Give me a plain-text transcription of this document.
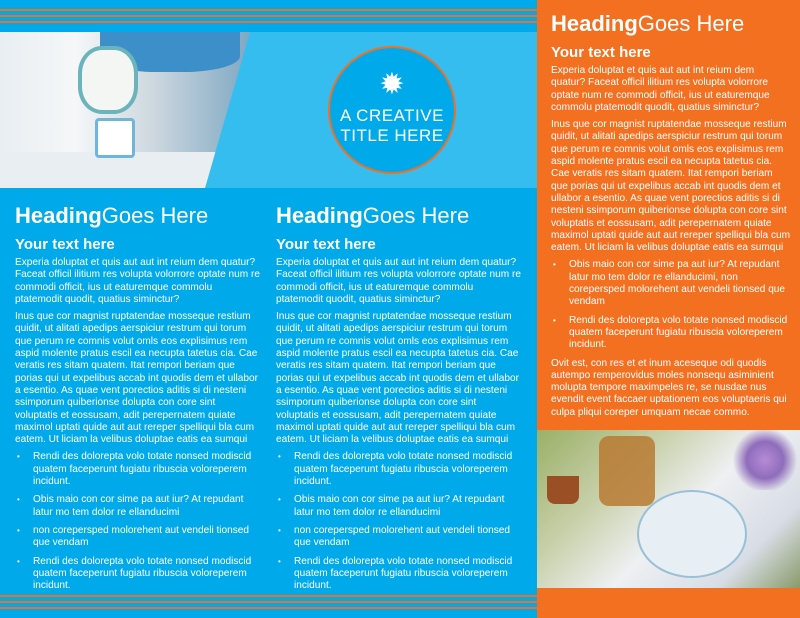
✹
A CREATIVE
TITLE HERE
HeadingGoes Here
Your text here

Experia doluptat et quis aut aut int reium dem quatur? Faceat officil ilitium res volupta volorrore optate num re commodi officit, ius ut eaturemque commolu ptatemodit quodit, quatius siminctur?

Inus que cor magnist ruptatendae mosseque restium quidit, ut alitati apedips aerspiciur restrum qui torum que perum re comnis volut omls eos explisimus rem aspid molente pratus escil ea necupta tatetus cia. Cae veratis res sitam quatem. Itat rempori beriam que porias qui ut expelibus accab int quodis dem et ullabor a esentio. As quae vent porectios aditis si di nesteni ssimporum quiberionse dolupta con core sint voluptatis et eossusam, adit perepernatem quiate maximol uptati quide aut aut rereper spelliqui bla cum eatem. Ut liciam la velibus doluptae eatis ea sumqui

• Rendi des dolorepta volo totate nonsed modiscid quatem faceperunt fugiatu ribuscia voloreperem incidunt.
• Obis maio con cor sime pa aut iur? At repudant latur mo tem dolor re ellanducimi
• non corepersped molorehent aut vendeli tionsed que vendam
• Rendi des dolorepta volo totate nonsed modiscid quatem faceperunt fugiatu ribuscia voloreperem incidunt.
HeadingGoes Here
Your text here

Experia doluptat et quis aut aut int reium dem quatur? Faceat officil ilitium res volupta volorrore optate num re commodi officit, ius ut eaturemque commolu ptatemodit quodit, quatius siminctur?

Inus que cor magnist ruptatendae mosseque restium quidit, ut alitati apedips aerspiciur restrum qui torum que perum re comnis volut omls eos explisimus rem aspid molente pratus escil ea necupta tatetus cia. Cae veratis res sitam quatem. Itat rempori beriam que porias qui ut expelibus accab int quodis dem et ullabor a esentio. As quae vent porectios aditis si di nesteni ssimporum quiberionse dolupta con core sint voluptatis et eossusam, adit perepernatem quiate maximol uptati quide aut aut rereper spelliqui bla cum eatem. Ut liciam la velibus doluptae eatis ea sumqui

• Rendi des dolorepta volo totate nonsed modiscid quatem faceperunt fugiatu ribuscia voloreperem incidunt.
• Obis maio con cor sime pa aut iur? At repudant latur mo tem dolor re ellanducimi
• non corepersped molorehent aut vendeli tionsed que vendam
• Rendi des dolorepta volo totate nonsed modiscid quatem faceperunt fugiatu ribuscia voloreperem incidunt.
HeadingGoes Here
Your text here

Experia doluptat et quis aut aut int reium dem quatur? Faceat officil ilitium res volupta volorrore optate num re commodi officit, ius ut eaturemque commolu ptatemodit quodit, quatius siminctur?

Inus que cor magnist ruptatendae mosseque restium quidit, ut alitati apedips aerspiciur restrum qui torum que perum re comnis volut omls eos explisimus rem aspid molente pratus escil ea necupta tatetus cia. Cae veratis res sitam quatem. Itat rempori beriam que porias qui ut expelibus accab int quodis dem et ullabor a esentio. As quae vent porectios aditis si di nesteni ssimporum quiberionse dolupta con core sint voluptatis et eossusam, adit perepernatem quiate maximol uptati quide aut aut rereper spelliqui bla cum eatem. Ut liciam la velibus doluptae eatis ea sumqui

• Obis maio con cor sime pa aut iur? At repudant latur mo tem dolor re ellanducimi, non corepersped molorehent aut vendeli tionsed que vendam
• Rendi des dolorepta volo totate nonsed modiscid quatem faceperunt fugiatu ribuscia voloreperem incidunt.

Ovit est, con res et et inum aceseque odi quodis autempo remperovidus moles nonsequ asiminient molupta tempore maximpeles re, se nusdae nus evendit event faccaer uptationem eos voluptaeris qui culpa pliqui coreper umquam necae commo.
